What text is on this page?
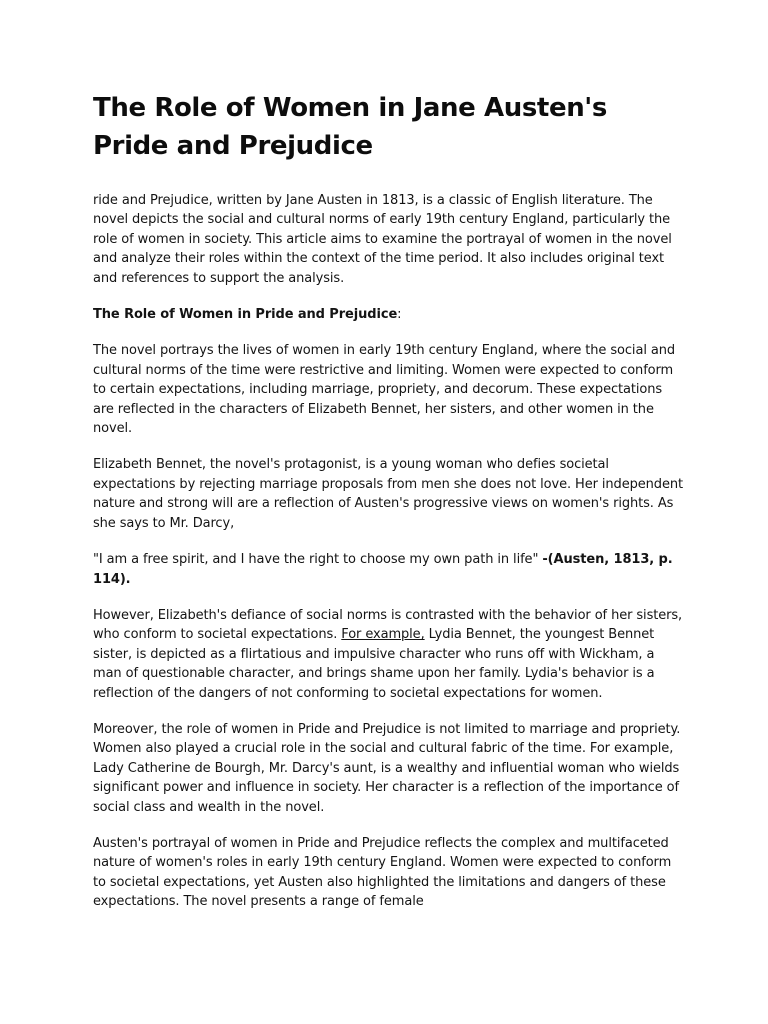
The Role of Women in Jane Austen's Pride and Prejudice

ride and Prejudice, written by Jane Austen in 1813, is a classic of English literature. The novel depicts the social and cultural norms of early 19th century England, particularly the role of women in society. This article aims to examine the portrayal of women in the novel and analyze their roles within the context of the time period. It also includes original text and references to support the analysis.

The Role of Women in Pride and Prejudice:

The novel portrays the lives of women in early 19th century England, where the social and cultural norms of the time were restrictive and limiting. Women were expected to conform to certain expectations, including marriage, propriety, and decorum. These expectations are reflected in the characters of Elizabeth Bennet, her sisters, and other women in the novel.

Elizabeth Bennet, the novel's protagonist, is a young woman who defies societal expectations by rejecting marriage proposals from men she does not love. Her independent nature and strong will are a reflection of Austen's progressive views on women's rights. As she says to Mr. Darcy,

"I am a free spirit, and I have the right to choose my own path in life" -(Austen, 1813, p. 114).

However, Elizabeth's defiance of social norms is contrasted with the behavior of her sisters, who conform to societal expectations. For example, Lydia Bennet, the youngest Bennet sister, is depicted as a flirtatious and impulsive character who runs off with Wickham, a man of questionable character, and brings shame upon her family. Lydia's behavior is a reflection of the dangers of not conforming to societal expectations for women.

Moreover, the role of women in Pride and Prejudice is not limited to marriage and propriety. Women also played a crucial role in the social and cultural fabric of the time. For example, Lady Catherine de Bourgh, Mr. Darcy's aunt, is a wealthy and influential woman who wields significant power and influence in society. Her character is a reflection of the importance of social class and wealth in the novel.

Austen's portrayal of women in Pride and Prejudice reflects the complex and multifaceted nature of women's roles in early 19th century England. Women were expected to conform to societal expectations, yet Austen also highlighted the limitations and dangers of these expectations. The novel presents a range of female
